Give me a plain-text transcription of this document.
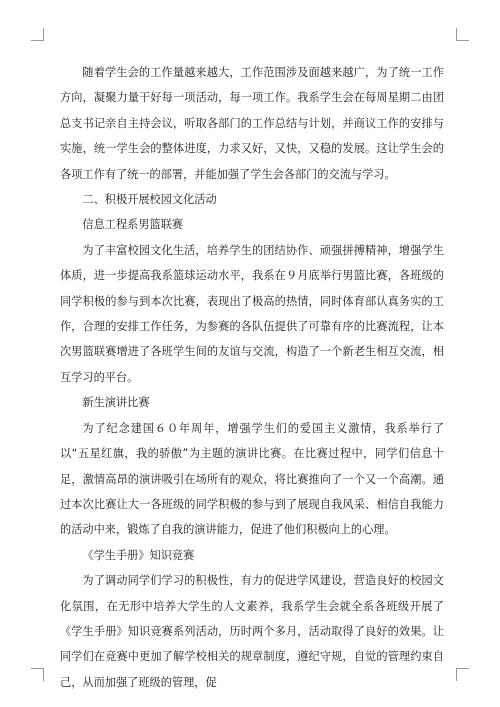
随着学生会的工作量越来越大，工作范围涉及面越来越广，为了统一工作方向，凝聚力量干好每一项活动，每一项工作。我系学生会在每周星期二由团总支书记亲自主持会议，听取各部门的工作总结与计划，并商议工作的安排与实施，统一学生会的整体进度，力求又好，又快，又稳的发展。这让学生会的各项工作有了统一的部署，并能加强了学生会各部门的交流与学习。

二、积极开展校园文化活动

信息工程系男篮联赛

为了丰富校园文化生活，培养学生的团结协作、顽强拼搏精神，增强学生体质，进一步提高我系篮球运动水平，我系在９月底举行男篮比赛，各班级的同学积极的参与到本次比赛，表现出了极高的热情，同时体育部认真务实的工作，合理的安排工作任务，为参赛的各队伍提供了可靠有序的比赛流程，让本次男篮联赛增进了各班学生间的友谊与交流，构造了一个新老生相互交流，相互学习的平台。

新生演讲比赛

为了纪念建国６０年周年，增强学生们的爱国主义激情，我系举行了以“五星红旗，我的骄傲”为主题的演讲比赛。在比赛过程中，同学们信息十足，激情高昂的演讲吸引在场所有的观众，将比赛推向了一个又一个高潮。通过本次比赛让大一各班级的同学积极的参与到了展现自我风采、相信自我能力的活动中来，锻炼了自我的演讲能力，促进了他们积极向上的心理。

《学生手册》知识竞赛

为了调动同学们学习的积极性，有力的促进学风建设，营造良好的校园文化氛围，在无形中培养大学生的人文素养，我系学生会就全系各班级开展了《学生手册》知识竞赛系列活动，历时两个多月，活动取得了良好的效果。让同学们在竞赛中更加了解学校相关的规章制度，遵纪守规，自觉的管理约束自己，从而加强了班级的管理，促
